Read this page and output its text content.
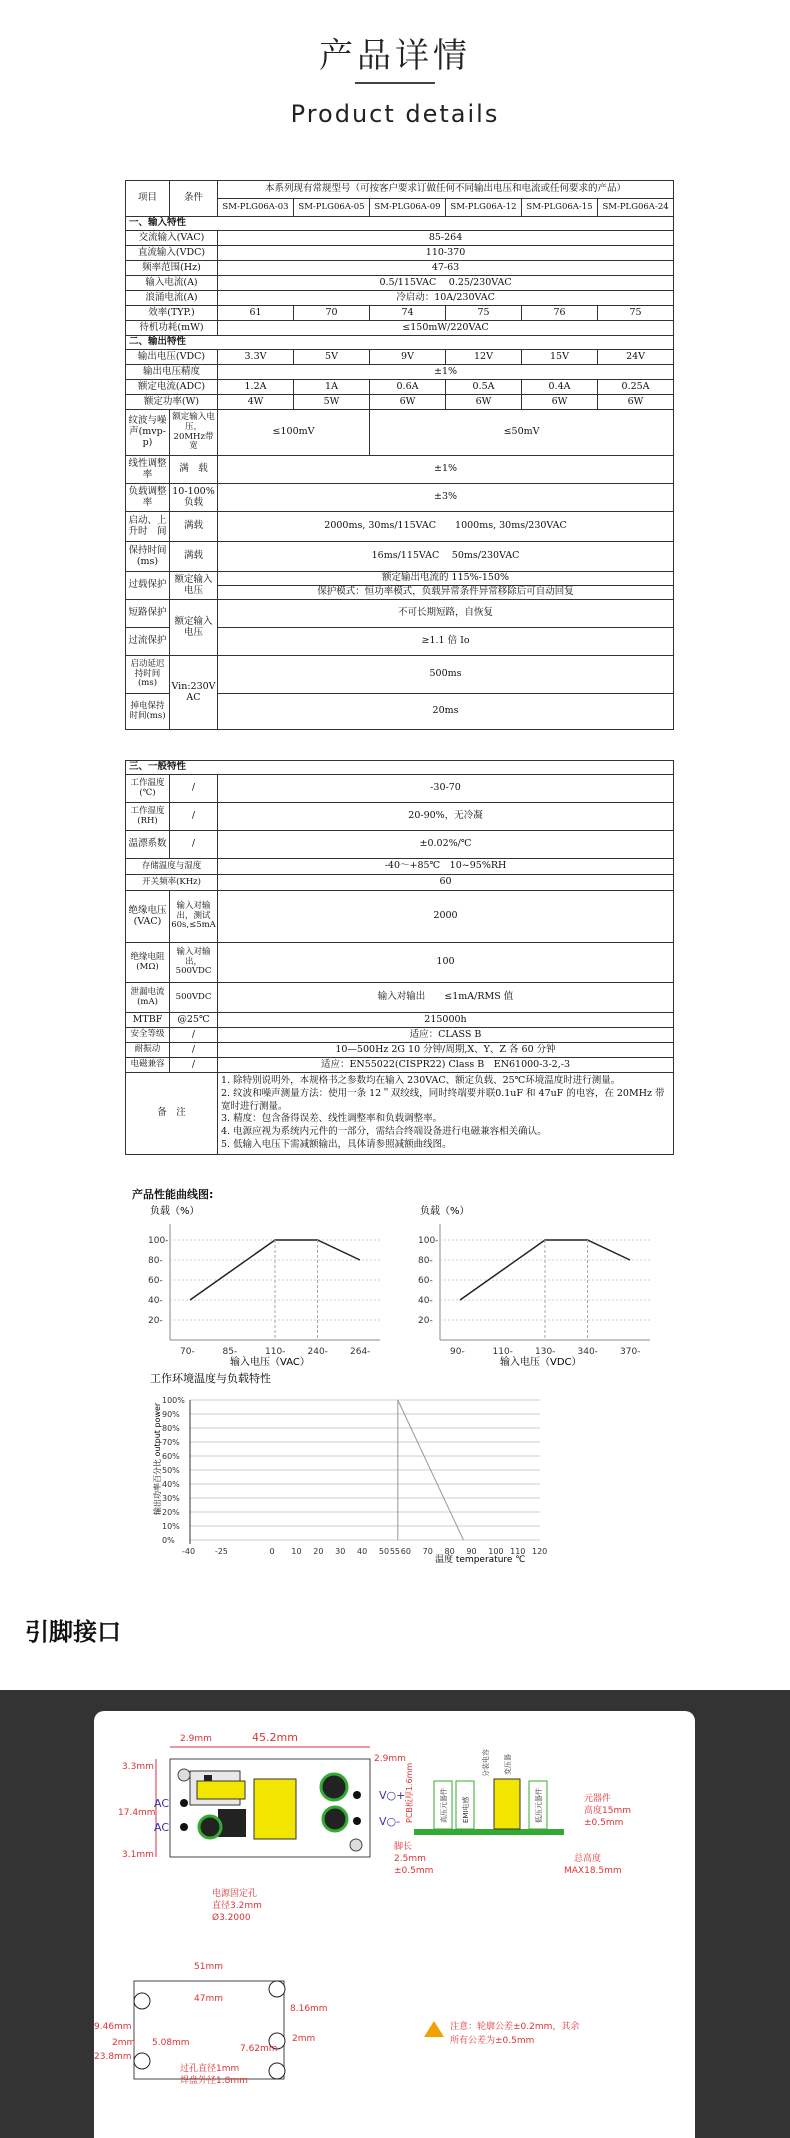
产品详情
Product details
项目	条件	本系列现有常规型号（可按客户要求订做任何不同输出电压和电流或任何要求的产品）					
		SM-PLG06A-03	SM-PLG06A-05	SM-PLG06A-09	SM-PLG06A-12	SM-PLG06A-15	SM-PLG06A-24
一、输入特性							
交流输入(VAC)		85-264					
直流输入(VDC)		110-370					
频率范围(Hz)		47-63					
输入电流(A)		0.5/115VAC　 0.25/230VAC					
浪涌电流(A)		冷启动：10A/230VAC					
效率(TYP.)		61	70	74	75	76	75
待机功耗(mW)		≤150mW/220VAC					
二、输出特性							
输出电压(VDC)		3.3V	5V	9V	12V	15V	24V
输出电压精度		±1%					
额定电流(ADC)		1.2A	1A	0.6A	0.5A	0.4A	0.25A
额定功率(W)		4W	5W	6W	6W	6W	6W
纹波与噪声(mvp-p)	额定输入电压，20MHz带宽	≤100mV		≤50mV			
线性调整率	满　载	±1%					
负载调整率	10-100%负载	±3%					
启动、上升时　间	满载	2000ms, 30ms/115VAC　　1000ms, 30ms/230VAC					
保持时间(ms)	满载	16ms/115VAC　 50ms/230VAC					
过载保护	额定输入电压	额定输出电流的 115%-150%					
		保护模式：恒功率模式，负载异常条件异常移除后可自动回复					
短路保护	额定输入电压	不可长期短路，自恢复					
过流保护		≥1.1 倍 Io					
启动延迟持时间(ms)	Vin:230V AC	500ms					
掉电保持时间(ms)		20ms					
三、一般特性		
工作温度(℃)	/	-30-70
工作湿度(RH)	/	20-90%，无冷凝
温漂系数	/	±0.02%/℃
存储温度与湿度		-40～+85℃　10~95%RH
开关频率(KHz)		60
绝缘电压(VAC)	输入对输出，测试60s,≤5mA	2000
绝缘电阻(MΩ)	输入对输出，500VDC	100
泄漏电流(mA)	500VDC	输入对输出　　≤1mA/RMS 值
MTBF	@25℃	215000h
安全等级	/	适应：CLASS B
耐振动	/	10—500Hz 2G 10 分钟/周期,X、Y、Z 各 60 分钟
电磁兼容	/	适应：EN55022(CISPR22) Class B　EN61000-3-2,-3
备　注		1. 除特别说明外，本规格书之参数均在输入 230VAC、额定负载、25℃环境温度时进行测量。
2. 纹波和噪声测量方法：使用一条 12＂双绞线，同时终端要并联0.1uF 和 47uF 的电容，在 20MHz 带宽时进行测量。
3. 精度：包含备得误差、线性调整率和负载调整率。
4. 电源应视为系统内元件的一部分，需结合终端设备进行电磁兼容相关确认。
5. 低输入电压下需减额输出，具体请参照减额曲线图。
产品性能曲线图:
负载（%）
100-
80-
60-
40-
20-
70-	85-	110- 240- 264-
输入电压（VAC）
负载（%）
100-
80-
60-
40-
20-
90-	110- 130- 340- 370-
输入电压（VDC）
工作环境温度与负载特性
输出功率百分比 output power
100%
90%
80%
70%
60%
50%
40%
30%
20%
10%
0%
-40 -25	0 10 20 30 40 50 55 60 70 80 90 100 110 120
温度 temperature ℃
引脚接口
2.9mm	45.2mm
2.9mm
3.3mm
17.4mm
3.1mm
电源固定孔
直径3.2mm
Ø3.2000
AC
AC
V○+
V○-	高压元器件 EMI电感
分装电容 变压器
低压元器件
PCB板厚1.6mm	元器件
高度15mm
±0.5mm
脚长
2.5mm
±0.5mm
总高度
MAX18.5mm
51mm
47mm
9.46mm
23.8mm
5.08mm
2mm	2mm
8.16mm
7.62mm
过孔直径1mm
焊盘外径1.8mm
注意：轮廓公差±0.2mm，其余
所有公差为±0.5mm
